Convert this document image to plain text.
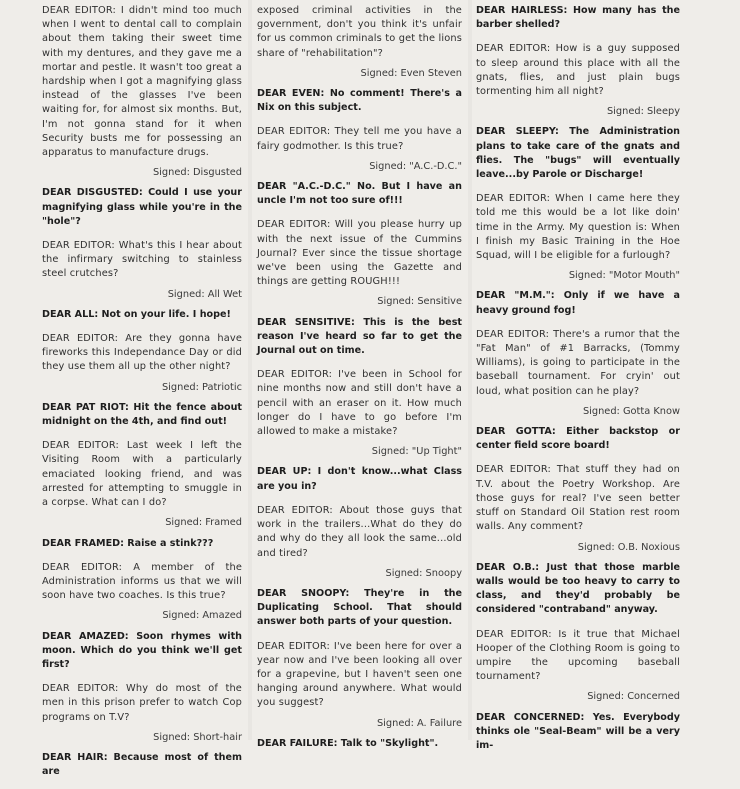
DEAR EDITOR: I didn't mind too much when I went to dental call to complain about them taking their sweet time with my dentures, and they gave me a mortar and pestle. It wasn't too great a hardship when I got a magnifying glass instead of the glasses I've been waiting for, for almost six months. But, I'm not gonna stand for it when Security busts me for possessing an apparatus to manufacture drugs.

Signed: Disgusted

DEAR DISGUSTED: Could I use your magnifying glass while you're in the "hole"?

DEAR EDITOR: What's this I hear about the infirmary switching to stainless steel crutches?

Signed: All Wet

DEAR ALL: Not on your life. I hope!

DEAR EDITOR: Are they gonna have fireworks this Independance Day or did they use them all up the other night?

Signed: Patriotic

DEAR PAT RIOT: Hit the fence about midnight on the 4th, and find out!

DEAR EDITOR: Last week I left the Visiting Room with a particularly emaciated looking friend, and was arrested for attempting to smuggle in a corpse. What can I do?

Signed: Framed

DEAR FRAMED: Raise a stink???

DEAR EDITOR: A member of the Administration informs us that we will soon have two coaches. Is this true?

Signed: Amazed

DEAR AMAZED: Soon rhymes with moon. Which do you think we'll get first?

DEAR EDITOR: Why do most of the men in this prison prefer to watch Cop programs on T.V?

Signed: Short-hair

DEAR HAIR: Because most of them are

exposed criminal activities in the government, don't you think it's unfair for us common criminals to get the lions share of "rehabilitation"?

Signed: Even Steven

DEAR EVEN: No comment! There's a Nix on this subject.

DEAR EDITOR: They tell me you have a fairy godmother. Is this true?

Signed: "A.C.-D.C."

DEAR "A.C.-D.C." No. But I have an uncle I'm not too sure of!!!

DEAR EDITOR: Will you please hurry up with the next issue of the Cummins Journal? Ever since the tissue shortage we've been using the Gazette and things are getting ROUGH!!!

Signed: Sensitive

DEAR SENSITIVE: This is the best reason I've heard so far to get the Journal out on time.

DEAR EDITOR: I've been in School for nine months now and still don't have a pencil with an eraser on it. How much longer do I have to go before I'm allowed to make a mistake?

Signed: "Up Tight"

DEAR UP: I don't know...what Class are you in?

DEAR EDITOR: About those guys that work in the trailers...What do they do and why do they all look the same...old and tired?

Signed: Snoopy

DEAR SNOOPY: They're in the Duplicating School. That should answer both parts of your question.

DEAR EDITOR: I've been here for over a year now and I've been looking all over for a grapevine, but I haven't seen one hanging around anywhere. What would you suggest?

Signed: A. Failure

DEAR FAILURE: Talk to "Skylight".

DEAR HAIRLESS: How many has the barber shelled?

DEAR EDITOR: How is a guy supposed to sleep around this place with all the gnats, flies, and just plain bugs tormenting him all night?

Signed: Sleepy

DEAR SLEEPY: The Administration plans to take care of the gnats and flies. The "bugs" will eventually leave...by Parole or Discharge!

DEAR EDITOR: When I came here they told me this would be a lot like doin' time in the Army. My question is: When I finish my Basic Training in the Hoe Squad, will I be eligible for a furlough?

Signed: "Motor Mouth"

DEAR "M.M.": Only if we have a heavy ground fog!

DEAR EDITOR: There's a rumor that the "Fat Man" of #1 Barracks, (Tommy Williams), is going to participate in the baseball tournament. For cryin' out loud, what position can he play?

Signed: Gotta Know

DEAR GOTTA: Either backstop or center field score board!

DEAR EDITOR: That stuff they had on T.V. about the Poetry Workshop. Are those guys for real? I've seen better stuff on Standard Oil Station rest room walls. Any comment?

Signed: O.B. Noxious

DEAR O.B.: Just that those marble walls would be too heavy to carry to class, and they'd probably be considered "contraband" anyway.

DEAR EDITOR: Is it true that Michael Hooper of the Clothing Room is going to umpire the upcoming baseball tournament?

Signed: Concerned

DEAR CONCERNED: Yes. Everybody thinks ole "Seal-Beam" will be a very im-
